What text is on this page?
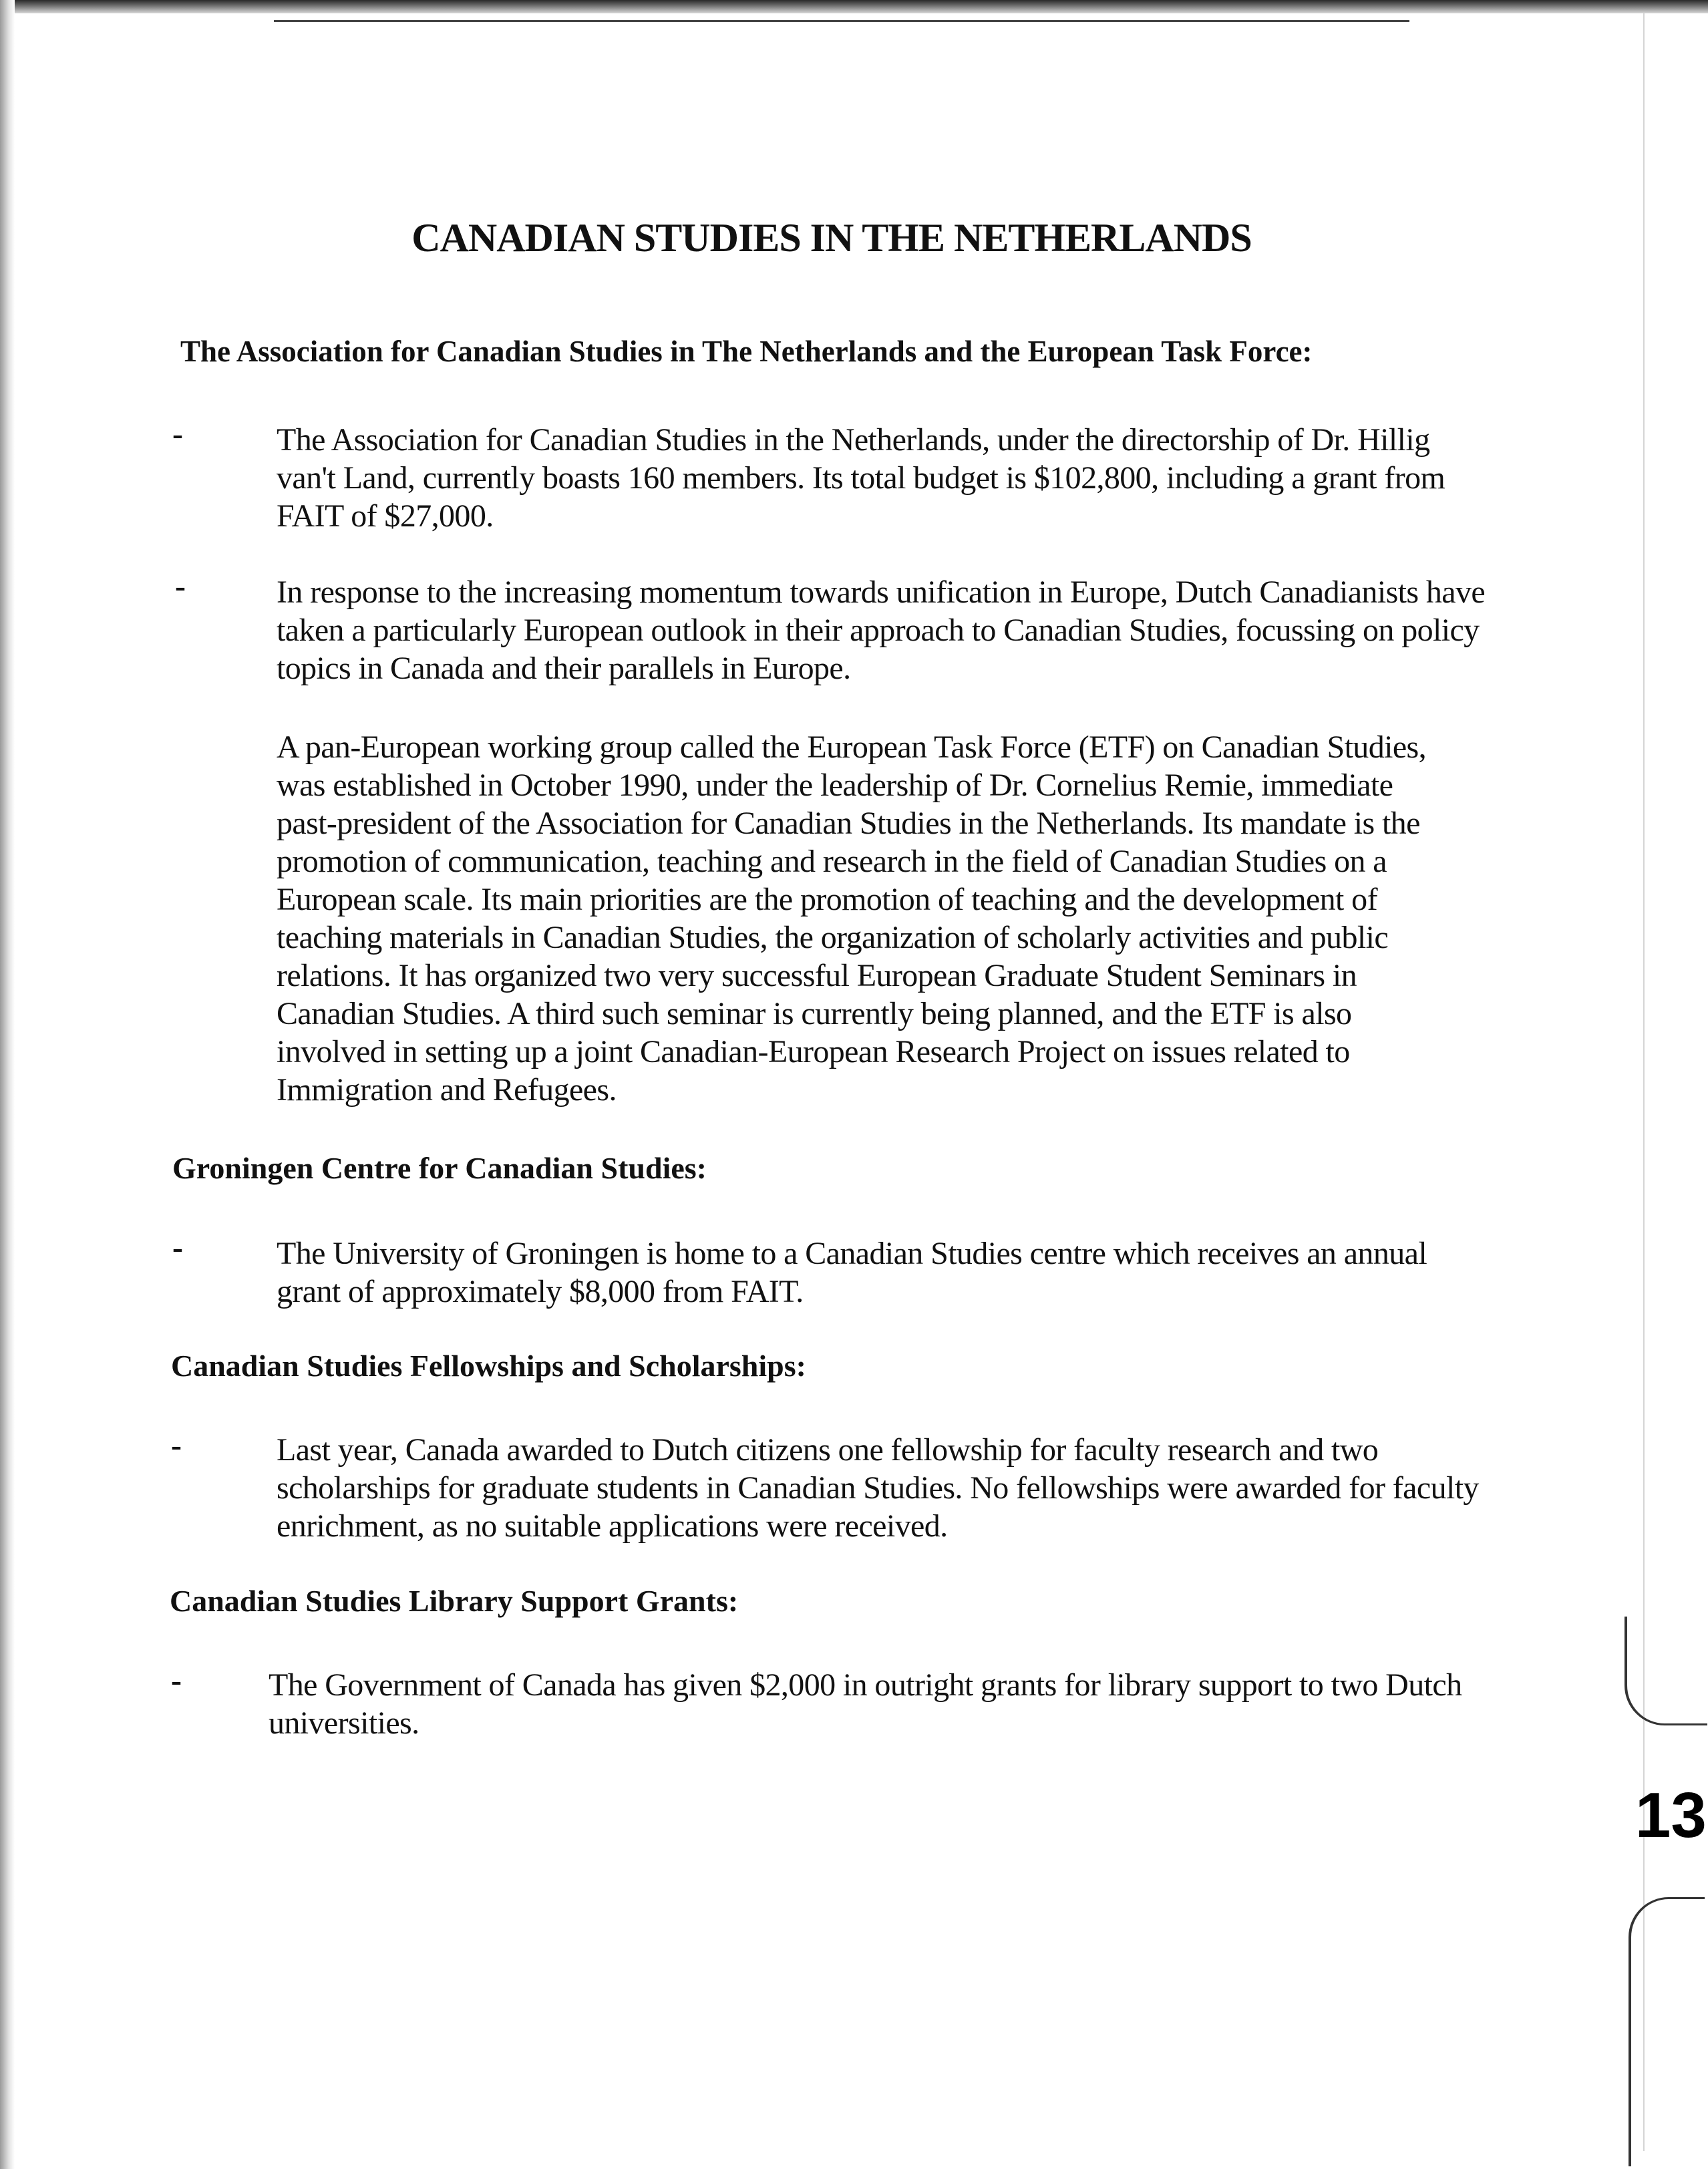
13
CANADIAN STUDIES IN THE NETHERLANDS
The Association for Canadian Studies in The Netherlands and the European Task Force:
-	The Association for Canadian Studies in the Netherlands, under the directorship of Dr. Hillig van't Land, currently boasts 160 members. Its total budget is $102,800, including a grant from FAIT of $27,000.
-	In response to the increasing momentum towards unification in Europe, Dutch Canadianists have taken a particularly European outlook in their approach to Canadian Studies, focussing on policy topics in Canada and their parallels in Europe.
A pan-European working group called the European Task Force (ETF) on Canadian Studies, was established in October 1990, under the leadership of Dr. Cornelius Remie, immediate past-president of the Association for Canadian Studies in the Netherlands. Its mandate is the promotion of communication, teaching and research in the field of Canadian Studies on a European scale. Its main priorities are the promotion of teaching and the development of teaching materials in Canadian Studies, the organization of scholarly activities and public relations. It has organized two very successful European Graduate Student Seminars in Canadian Studies. A third such seminar is currently being planned, and the ETF is also involved in setting up a joint Canadian-European Research Project on issues related to Immigration and Refugees.
Groningen Centre for Canadian Studies:
-	The University of Groningen is home to a Canadian Studies centre which receives an annual grant of approximately $8,000 from FAIT.
Canadian Studies Fellowships and Scholarships:
-	Last year, Canada awarded to Dutch citizens one fellowship for faculty research and two scholarships for graduate students in Canadian Studies. No fellowships were awarded for faculty enrichment, as no suitable applications were received.
Canadian Studies Library Support Grants:
-	The Government of Canada has given $2,000 in outright grants for library support to two Dutch universities.
